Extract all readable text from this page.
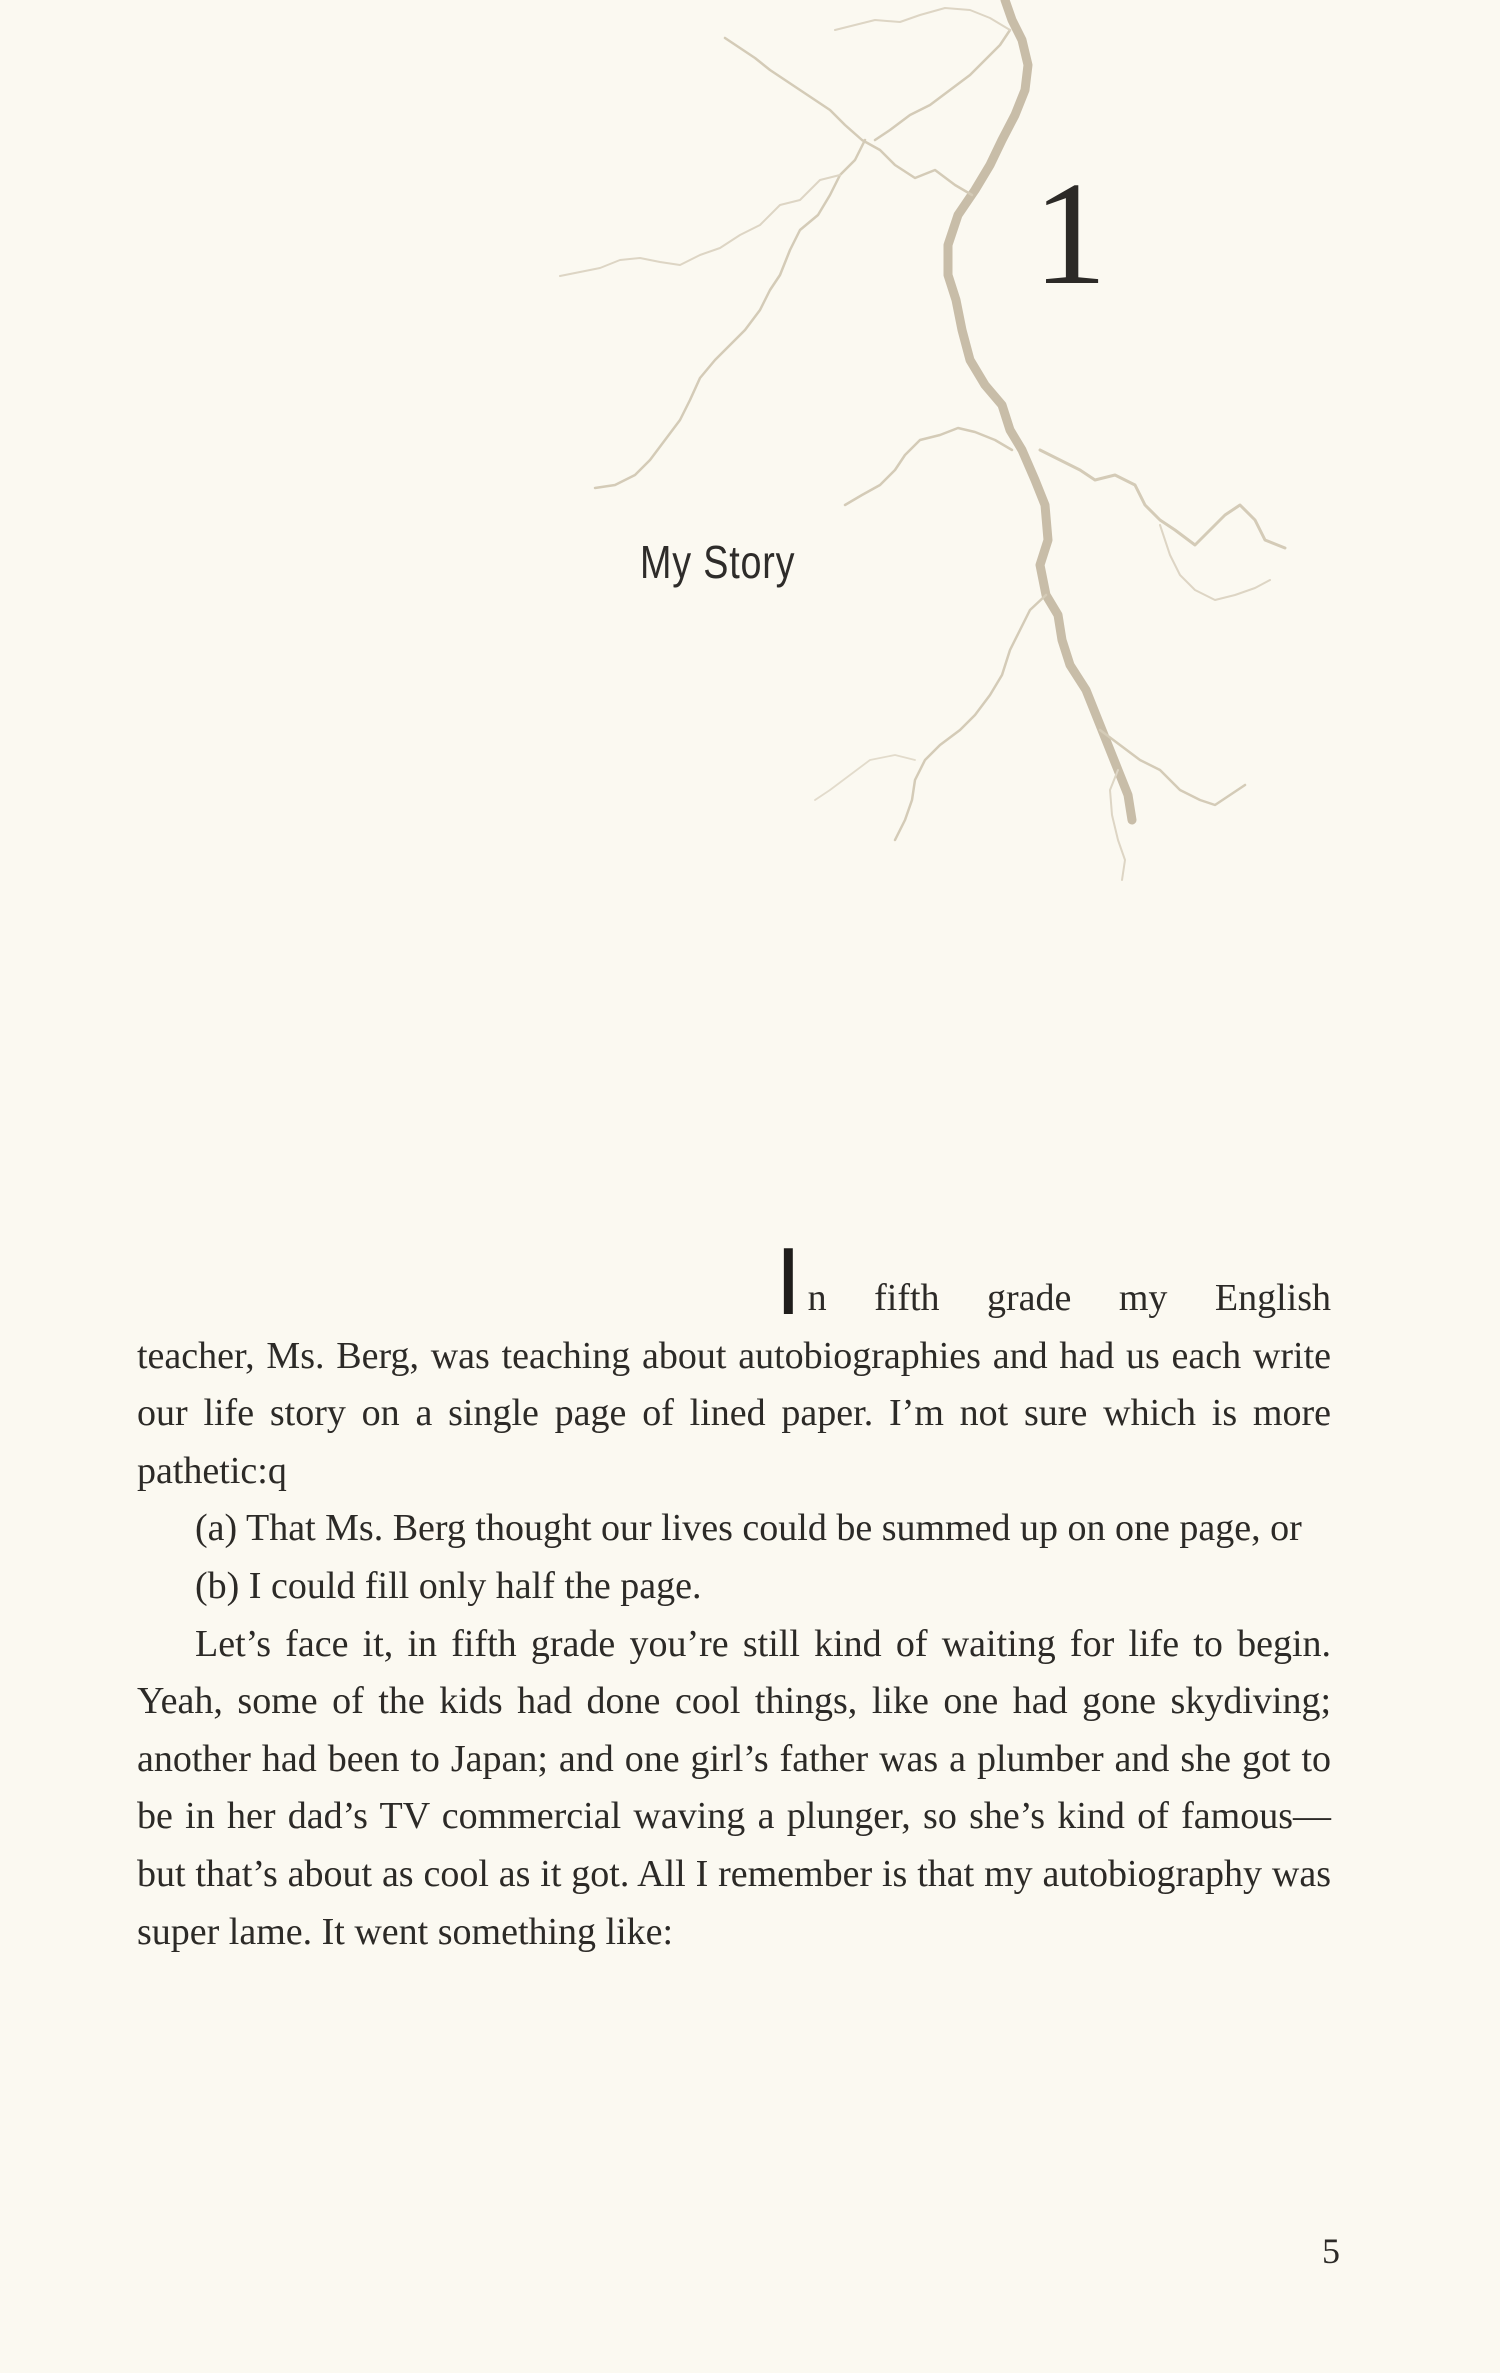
1
My Story

In fifth grade my English
teacher, Ms. Berg, was teaching about autobiographies and had us each write our life story on a single page of lined paper. I’m not sure which is more pathetic:q

(a) That Ms. Berg thought our lives could be summed up on one page, or

(b) I could fill only half the page.

Let’s face it, in fifth grade you’re still kind of waiting for life to begin. Yeah, some of the kids had done cool things, like one had gone skydiving; another had been to Japan; and one girl’s father was a plumber and she got to be in her dad’s TV commercial waving a plunger, so she’s kind of famous—but that’s about as cool as it got. All I remember is that my autobiography was super lame. It went something like:

5
